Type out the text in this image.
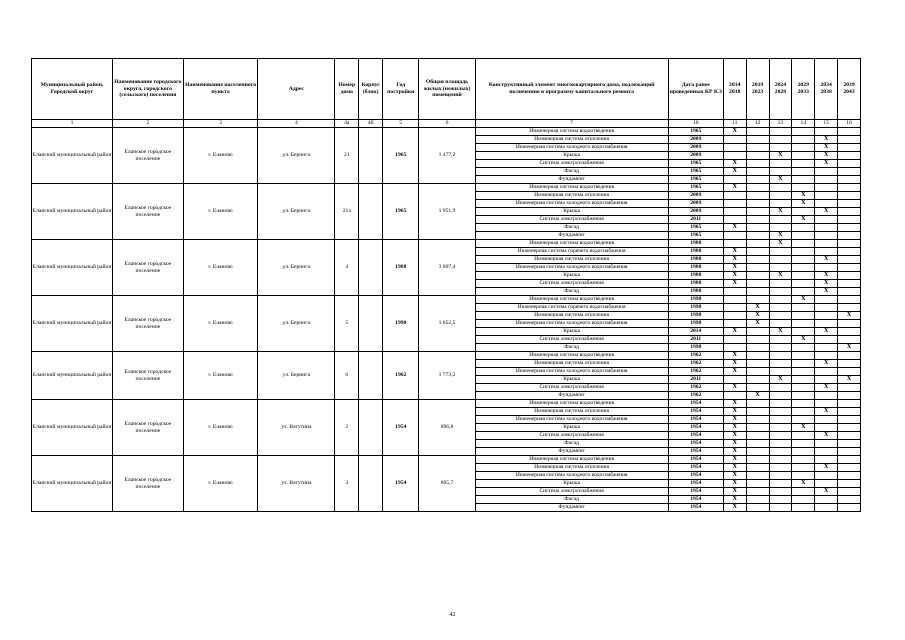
Муниципальный район, Городской округ	Наименование городского округа, городского (сельского) поселения	Наименование населенного пункта	Адрес	Номер дома	Корпус (блок)	Год постройки	Общая площадь жилых (нежилых) помещений	Конструктивный элемент многоквартирного дома, подлежащий включению в программу капитального ремонта	Дата ранее проведенных КР КЭ	2014 2018	2019 2023	2024 2028	2029 2033	2034 2038	2039 2043
1	2	3	4	4а	4б	5	6	7	10	11	12	13	14	15	16
Еланский муниципальный район	Еланское городское поселение	г. Еланово	ул. Беринга	21		1965	1 477,2	Инженерная система водоотведения	1965	X					
								Инженерная система отопления	2009					X	
								Инженерная система холодного водоснабжения	2009					X	
								Крыша	2009			X		X	
								Система электроснабжения	1965	X				X	
								Фасад	1965	X					
								Фундамент	1965			X			
Еланский муниципальный район	Еланское городское поселение	г. Еланово	ул. Беринга	21а		1965	1 951,9	Инженерная система водоотведения	1965	X					
								Инженерная система отопления	2009				X		
								Инженерная система холодного водоснабжения	2009				X		
								Крыша	2009			X		X	
								Система электроснабжения	2011				X		
								Фасад	1965	X					
								Фундамент	1965			X			
Еланский муниципальный район	Еланское городское поселение	г. Еланово	ул. Беринга	4		1988	3 807,4	Инженерная система водоотведения	1988			X			
								Инженерная система горячего водоснабжения	1988	X					
								Инженерная система отопления	1988	X				X	
								Инженерная система холодного водоснабжения	1988	X					
								Крыша	1988	X		X		X	
								Система электроснабжения	1988	X				X	
								Фасад	1988					X	
Еланский муниципальный район	Еланское городское поселение	г. Еланово	ул. Беринга	5		1990	1 652,5	Инженерная система водоотведения	1990				X		
								Инженерная система горячего водоснабжения	1990		X				
								Инженерная система отопления	1990		X				X
								Инженерная система холодного водоснабжения	1990		X				
								Крыша	2014	X		X		X	
								Система электроснабжения	2011				X		
								Фасад	1990						X
Еланский муниципальный район	Еланское городское поселение	г. Еланово	ул. Беринга	6		1962	1 773,2	Инженерная система водоотведения	1962	X					
								Инженерная система отопления	1962	X				X	
								Инженерная система холодного водоснабжения	1962	X					
								Крыша	2011			X			X
								Система электроснабжения	1962	X				X	
								Фундамент	1962		X				
Еланский муниципальный район	Еланское городское поселение	г. Еланово	ул. Ватутина	2		1954	896,8	Инженерная система водоотведения	1954	X					
								Инженерная система отопления	1954	X				X	
								Инженерная система холодного водоснабжения	1954	X					
								Крыша	1954	X			X		
								Система электроснабжения	1954	X				X	
								Фасад	1954	X					
								Фундамент	1954	X					
Еланский муниципальный район	Еланское городское поселение	г. Еланово	ул. Ватутина	3		1954	895,7	Инженерная система водоотведения	1954	X					
								Инженерная система отопления	1954	X				X	
								Инженерная система холодного водоснабжения	1954	X					
								Крыша	1954	X			X		
								Система электроснабжения	1954	X				X	
								Фасад	1954	X					
								Фундамент	1954	X					
42
